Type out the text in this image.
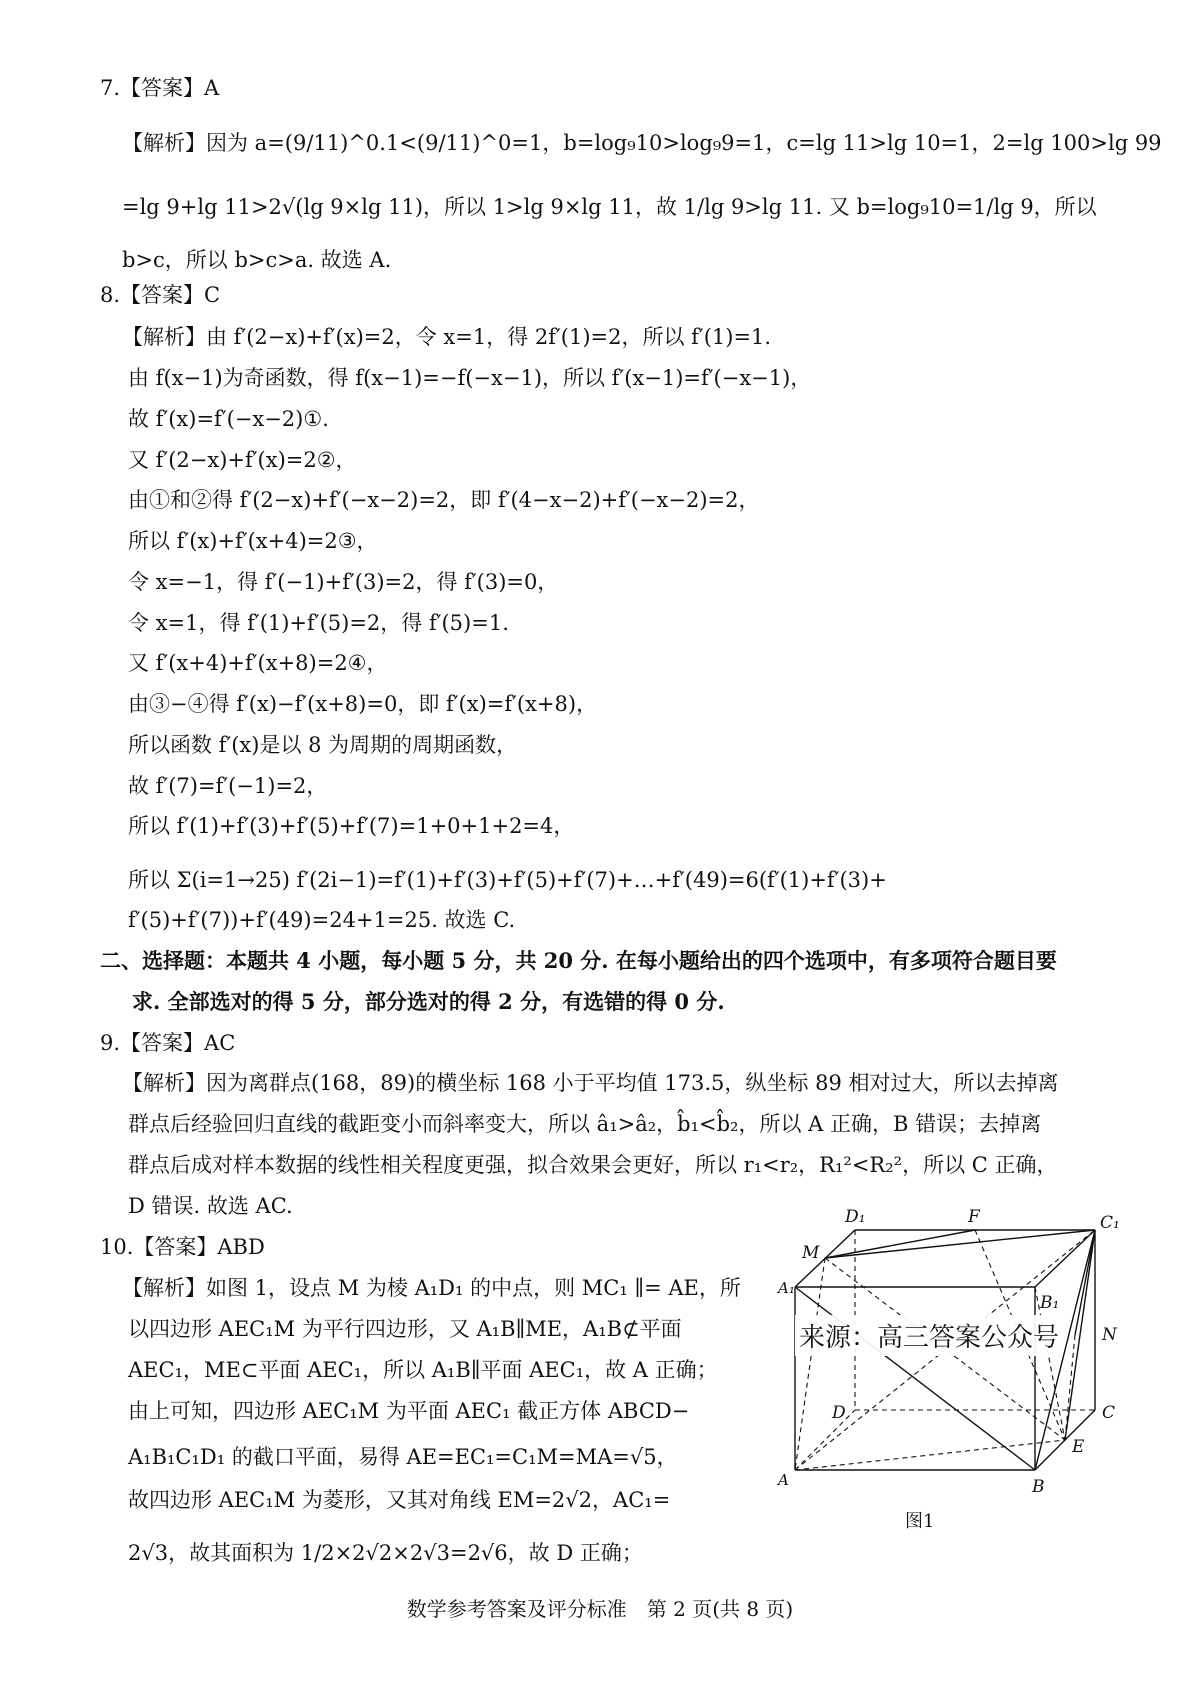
7.【答案】A
【解析】因为 a=(9/11)^0.1<(9/11)^0=1，b=log₉10>log₉9=1，c=lg 11>lg 10=1，2=lg 100>lg 99
=lg 9+lg 11>2√(lg 9×lg 11)，所以 1>lg 9×lg 11，故 1/lg 9>lg 11. 又 b=log₉10=1/lg 9，所以
b>c，所以 b>c>a. 故选 A.
8.【答案】C
【解析】由 f′(2−x)+f′(x)=2，令 x=1，得 2f′(1)=2，所以 f′(1)=1.
由 f(x−1)为奇函数，得 f(x−1)=−f(−x−1)，所以 f′(x−1)=f′(−x−1)，
故 f′(x)=f′(−x−2)①.
又 f′(2−x)+f′(x)=2②，
由①和②得 f′(2−x)+f′(−x−2)=2，即 f′(4−x−2)+f′(−x−2)=2，
所以 f′(x)+f′(x+4)=2③，
令 x=−1，得 f′(−1)+f′(3)=2，得 f′(3)=0，
令 x=1，得 f′(1)+f′(5)=2，得 f′(5)=1.
又 f′(x+4)+f′(x+8)=2④，
由③−④得 f′(x)−f′(x+8)=0，即 f′(x)=f′(x+8)，
所以函数 f′(x)是以 8 为周期的周期函数，
故 f′(7)=f′(−1)=2，
所以 f′(1)+f′(3)+f′(5)+f′(7)=1+0+1+2=4，
所以 Σ(i=1→25) f′(2i−1)=f′(1)+f′(3)+f′(5)+f′(7)+…+f′(49)=6(f′(1)+f′(3)+
f′(5)+f′(7))+f′(49)=24+1=25. 故选 C.
二、选择题：本题共 4 小题，每小题 5 分，共 20 分. 在每小题给出的四个选项中，有多项符合题目要
求. 全部选对的得 5 分，部分选对的得 2 分，有选错的得 0 分.
9.【答案】AC
【解析】因为离群点(168，89)的横坐标 168 小于平均值 173.5，纵坐标 89 相对过大，所以去掉离
群点后经验回归直线的截距变小而斜率变大，所以 â₁>â₂，b̂₁<b̂₂，所以 A 正确，B 错误；去掉离
群点后成对样本数据的线性相关程度更强，拟合效果会更好，所以 r₁<r₂，R₁²<R₂²，所以 C 正确，
D 错误. 故选 AC.
10.【答案】ABD
【解析】如图 1，设点 M 为棱 A₁D₁ 的中点，则 MC₁ ∥= AE，所
以四边形 AEC₁M 为平行四边形，又 A₁B∥ME，A₁B⊄平面
AEC₁，ME⊂平面 AEC₁，所以 A₁B∥平面 AEC₁，故 A 正确；
由上可知，四边形 AEC₁M 为平面 AEC₁ 截正方体 ABCD−
A₁B₁C₁D₁ 的截口平面，易得 AE=EC₁=C₁M=MA=√5，
故四边形 AEC₁M 为菱形，又其对角线 EM=2√2，AC₁=
2√3，故其面积为 1/2×2√2×2√3=2√6，故 D 正确；
D₁	F	C₁
M
A₁
B₁
N
D	C
E
A	B
来源：高三答案公众号
图1
数学参考答案及评分标准　第 2 页(共 8 页)
